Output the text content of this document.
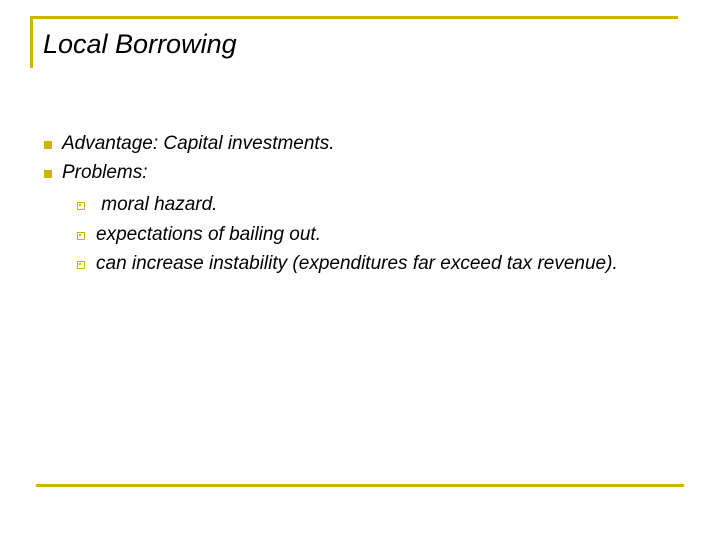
Local Borrowing
Advantage: Capital investments.
Problems:
moral hazard.
expectations of bailing out.
can increase instability (expenditures far exceed tax revenue).
